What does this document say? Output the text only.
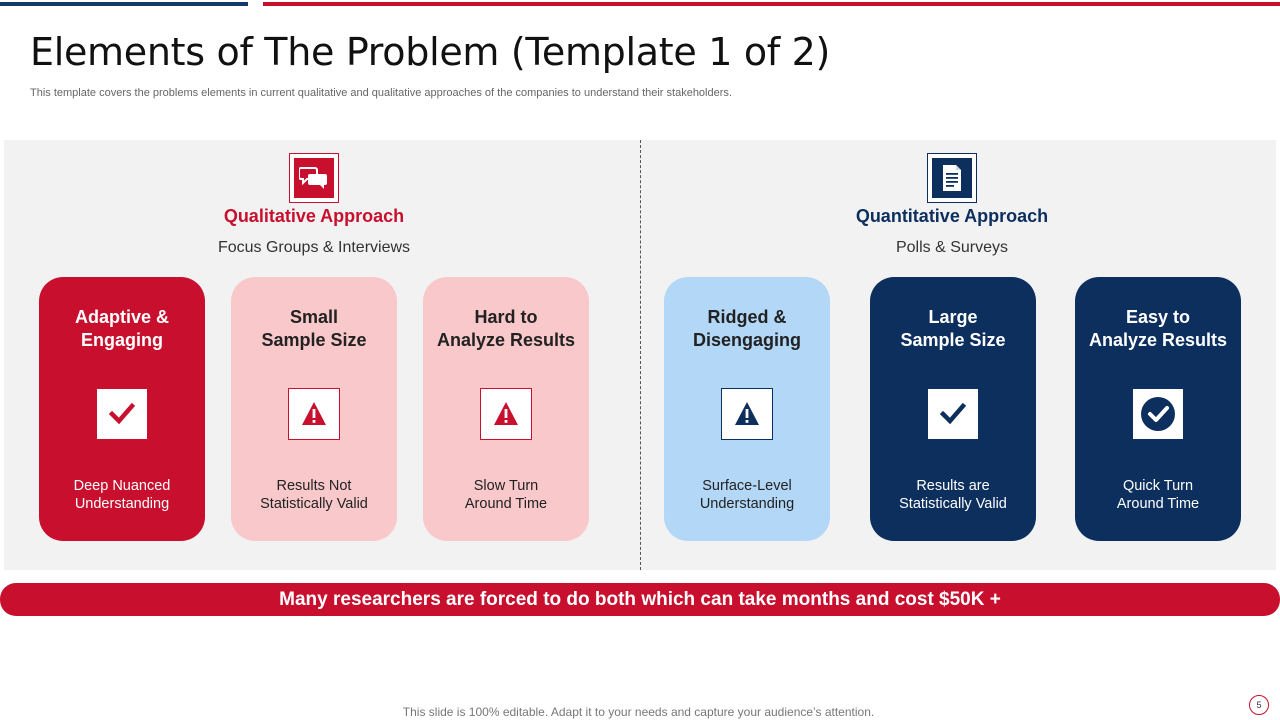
Elements of The Problem (Template 1 of 2)
This template covers the problems elements in current qualitative and qualitative approaches of the companies to understand their stakeholders.
Qualitative Approach
Focus Groups & Interviews
Quantitative Approach
Polls & Surveys
Adaptive &
Engaging
Deep Nuanced
Understanding
Small
Sample Size
Results Not
Statistically Valid
Hard to
Analyze Results
Slow Turn
Around Time
Ridged &
Disengaging
Surface-Level
Understanding
Large
Sample Size
Results are
Statistically Valid
Easy to
Analyze Results
Quick Turn
Around Time
Many researchers are forced to do both which can take months and cost $50K +
This slide is 100% editable. Adapt it to your needs and capture your audience’s attention.	5
